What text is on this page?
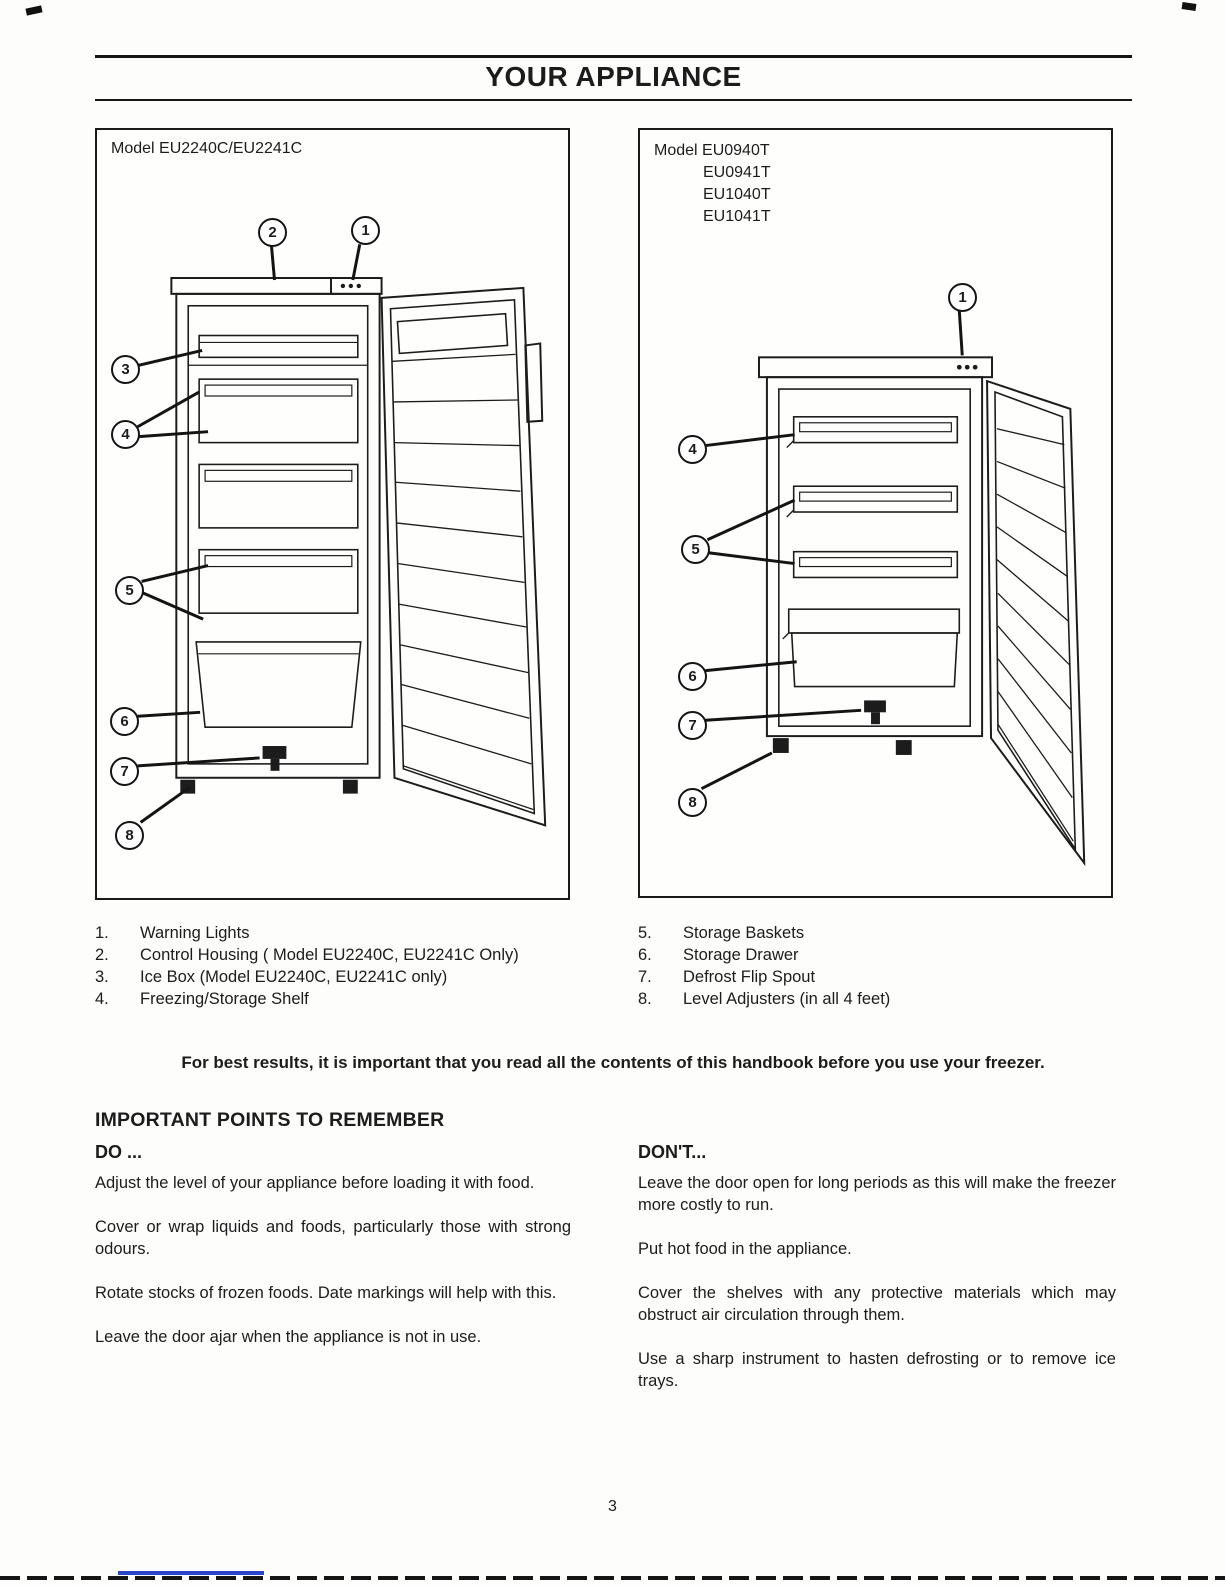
YOUR APPLIANCE
Model EU2240C/EU2241C
2	1
3
4
5
6
7
8
Model EU0940T
EU0941T
EU1040T
EU1041T
1
4
5
6
7
8
1.	Warning Lights
2.	Control Housing ( Model EU2240C, EU2241C Only)
3.	Ice Box (Model EU2240C, EU2241C only)
4.	Freezing/Storage Shelf
5.	Storage Baskets
6.	Storage Drawer
7.	Defrost Flip Spout
8.	Level Adjusters (in all 4 feet)

For best results, it is important that you read all the contents of this handbook before you use your freezer.

IMPORTANT POINTS TO REMEMBER
DO ...

Adjust the level of your appliance before loading it with food.

Cover or wrap liquids and foods, particularly those with strong odours.

Rotate stocks of frozen foods. Date markings will help with this.

Leave the door ajar when the appliance is not in use.

DON'T...

Leave the door open for long periods as this will make the freezer more costly to run.

Put hot food in the appliance.

Cover the shelves with any protective materials which may obstruct air circulation through them.

Use a sharp instrument to hasten defrosting or to remove ice trays.

3
